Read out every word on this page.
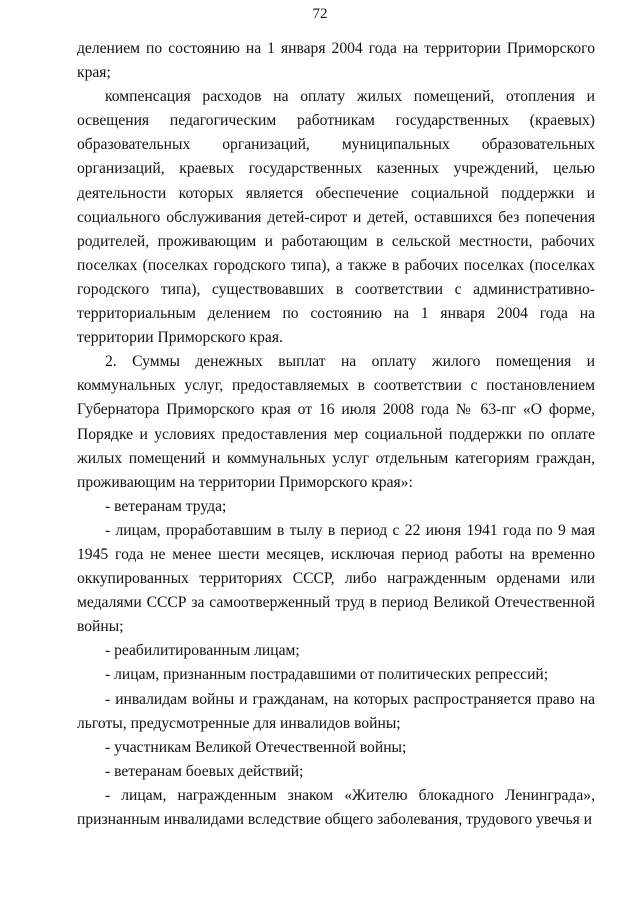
72

делением по состоянию на 1 января 2004 года на территории Приморского края;

компенсация расходов на оплату жилых помещений, отопления и освещения педагогическим работникам государственных (краевых) образовательных организаций, муниципальных образовательных организаций, краевых государственных казенных учреждений, целью деятельности которых является обеспечение социальной поддержки и социального обслуживания детей-сирот и детей, оставшихся без попечения родителей, проживающим и работающим в сельской местности, рабочих поселках (поселках городского типа), а также в рабочих поселках (поселках городского типа), существовавших в соответствии с административно-территориальным делением по состоянию на 1 января 2004 года на территории Приморского края.

2. Суммы денежных выплат на оплату жилого помещения и коммунальных услуг, предоставляемых в соответствии с постановлением Губернатора Приморского края от 16 июля 2008 года № 63-пг «О форме, Порядке и условиях предоставления мер социальной поддержки по оплате жилых помещений и коммунальных услуг отдельным категориям граждан, проживающим на территории Приморского края»:

- ветеранам труда;

- лицам, проработавшим в тылу в период с 22 июня 1941 года по 9 мая 1945 года не менее шести месяцев, исключая период работы на временно оккупированных территориях СССР, либо награжденным орденами или медалями СССР за самоотверженный труд в период Великой Отечественной войны;

- реабилитированным лицам;

- лицам, признанным пострадавшими от политических репрессий;

- инвалидам войны и гражданам, на которых распространяется право на льготы, предусмотренные для инвалидов войны;

- участникам Великой Отечественной войны;

- ветеранам боевых действий;

- лицам, награжденным знаком «Жителю блокадного Ленинграда», признанным инвалидами вследствие общего заболевания, трудового увечья и
